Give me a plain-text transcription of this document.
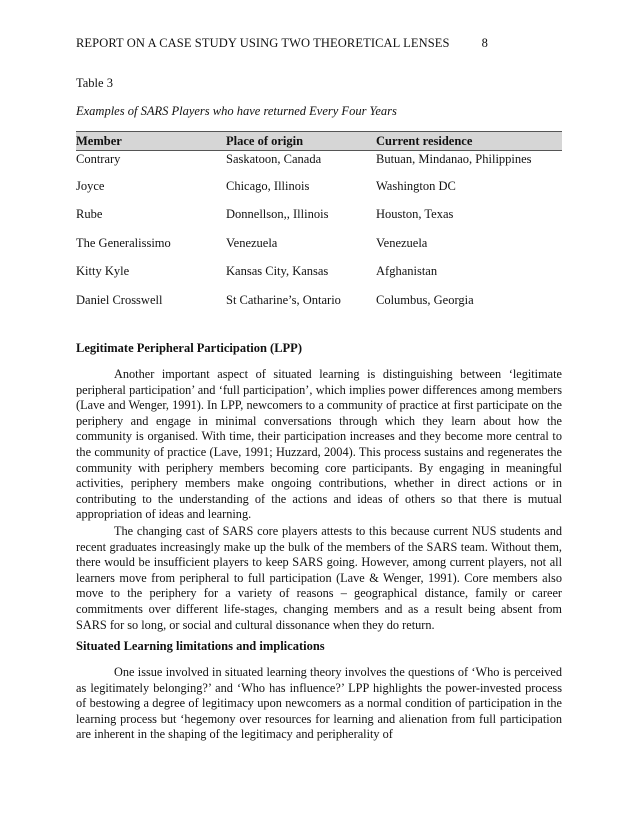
REPORT ON A CASE STUDY USING TWO THEORETICAL LENSES	8
Table 3
Examples of SARS Players who have returned Every Four Years
Member	Place of origin	Current residence
Contrary	Saskatoon, Canada	Butuan, Mindanao, Philippines
Joyce	Chicago, Illinois	Washington DC
Rube	Donnellson,, Illinois	Houston, Texas
The Generalissimo	Venezuela	Venezuela
Kitty Kyle	Kansas City, Kansas	Afghanistan
Daniel Crosswell	St Catharine’s, Ontario	Columbus, Georgia
Legitimate Peripheral Participation (LPP)

Another important aspect of situated learning is distinguishing between ‘legitimate peripheral participation’ and ‘full participation’, which implies power differences among members (Lave and Wenger, 1991). In LPP, newcomers to a community of practice at first participate on the periphery and engage in minimal conversations through which they learn about how the community is organised. With time, their participation increases and they become more central to the community of practice (Lave, 1991; Huzzard, 2004). This process sustains and regenerates the community with periphery members becoming core participants. By engaging in meaningful activities, periphery members make ongoing contributions, whether in direct actions or in contributing to the understanding of the actions and ideas of others so that there is mutual appropriation of ideas and learning.

The changing cast of SARS core players attests to this because current NUS students and recent graduates increasingly make up the bulk of the members of the SARS team. Without them, there would be insufficient players to keep SARS going. However, among current players, not all learners move from peripheral to full participation (Lave & Wenger, 1991). Core members also move to the periphery for a variety of reasons – geographical distance, family or career commitments over different life-stages, changing members and as a result being absent from SARS for so long, or social and cultural dissonance when they do return.

Situated Learning limitations and implications

One issue involved in situated learning theory involves the questions of ‘Who is perceived as legitimately belonging?’ and ‘Who has influence?’ LPP highlights the power-invested process of bestowing a degree of legitimacy upon newcomers as a normal condition of participation in the learning process but ‘hegemony over resources for learning and alienation from full participation are inherent in the shaping of the legitimacy and peripherality of
